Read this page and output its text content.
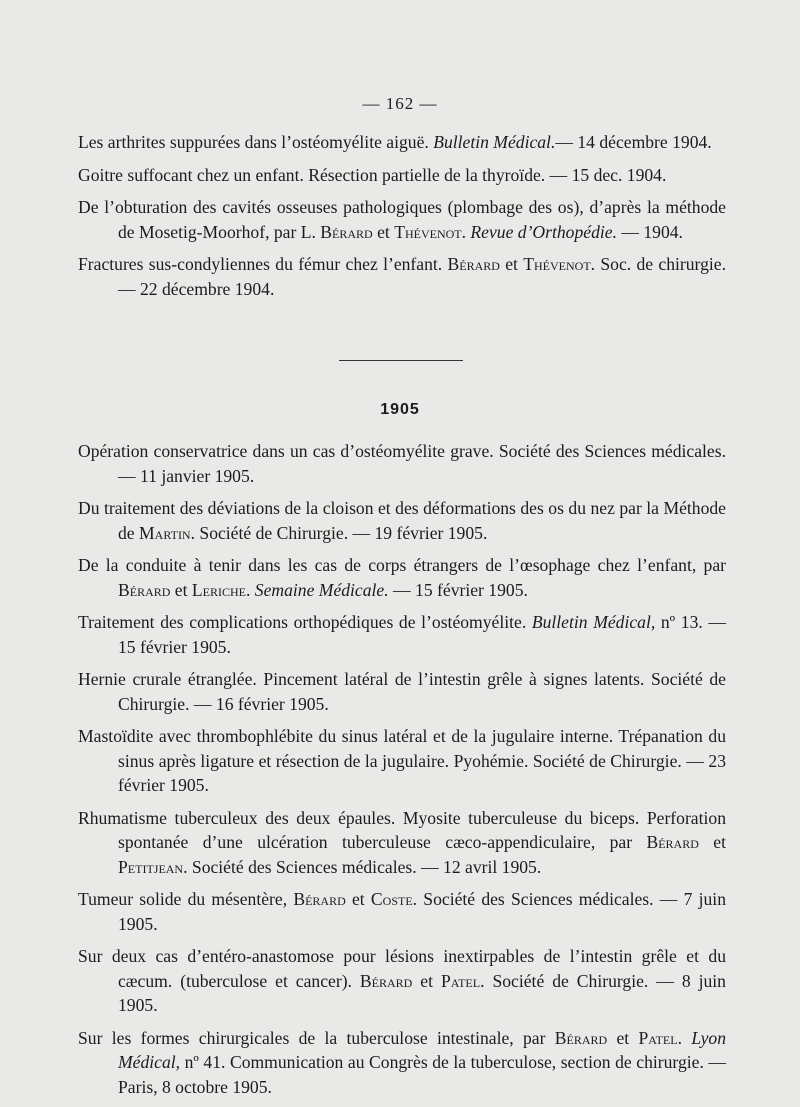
— 162 —

Les arthrites suppurées dans l’ostéomyélite aiguë. Bulletin Médical.— 14 décembre 1904.

Goitre suffocant chez un enfant. Résection partielle de la thyroïde. — 15 dec. 1904.

De l’obturation des cavités osseuses pathologiques (plombage des os), d’après la méthode de Mosetig-Moorhof, par L. Bérard et Thévenot. Revue d’Orthopédie. — 1904.

Fractures sus-condyliennes du fémur chez l’enfant. Bérard et Thévenot. Soc. de chirurgie. — 22 décembre 1904.

1905

Opération conservatrice dans un cas d’ostéomyélite grave. Société des Sciences médicales. — 11 janvier 1905.

Du traitement des déviations de la cloison et des déformations des os du nez par la Méthode de Martin. Société de Chirurgie. — 19 février 1905.

De la conduite à tenir dans les cas de corps étrangers de l’œsophage chez l’enfant, par Bérard et Leriche. Semaine Médicale. — 15 février 1905.

Traitement des complications orthopédiques de l’ostéomyélite. Bulletin Médical, nº 13. — 15 février 1905.

Hernie crurale étranglée. Pincement latéral de l’intestin grêle à signes latents. Société de Chirurgie. — 16 février 1905.

Mastoïdite avec thrombophlébite du sinus latéral et de la jugulaire interne. Trépanation du sinus après ligature et résection de la jugulaire. Pyohémie. Société de Chirurgie. — 23 février 1905.

Rhumatisme tuberculeux des deux épaules. Myosite tuberculeuse du biceps. Perforation spontanée d’une ulcération tuberculeuse cæco-appendiculaire, par Bérard et Petitjean. Société des Sciences médicales. — 12 avril 1905.

Tumeur solide du mésentère, Bérard et Coste. Société des Sciences médicales. — 7 juin 1905.

Sur deux cas d’entéro-anastomose pour lésions inextirpables de l’intestin grêle et du cæcum. (tuberculose et cancer). Bérard et Patel. Société de Chirurgie. — 8 juin 1905.

Sur les formes chirurgicales de la tuberculose intestinale, par Bérard et Patel. Lyon Médical, nº 41. Communication au Congrès de la tuberculose, section de chirurgie. — Paris, 8 octobre 1905.
